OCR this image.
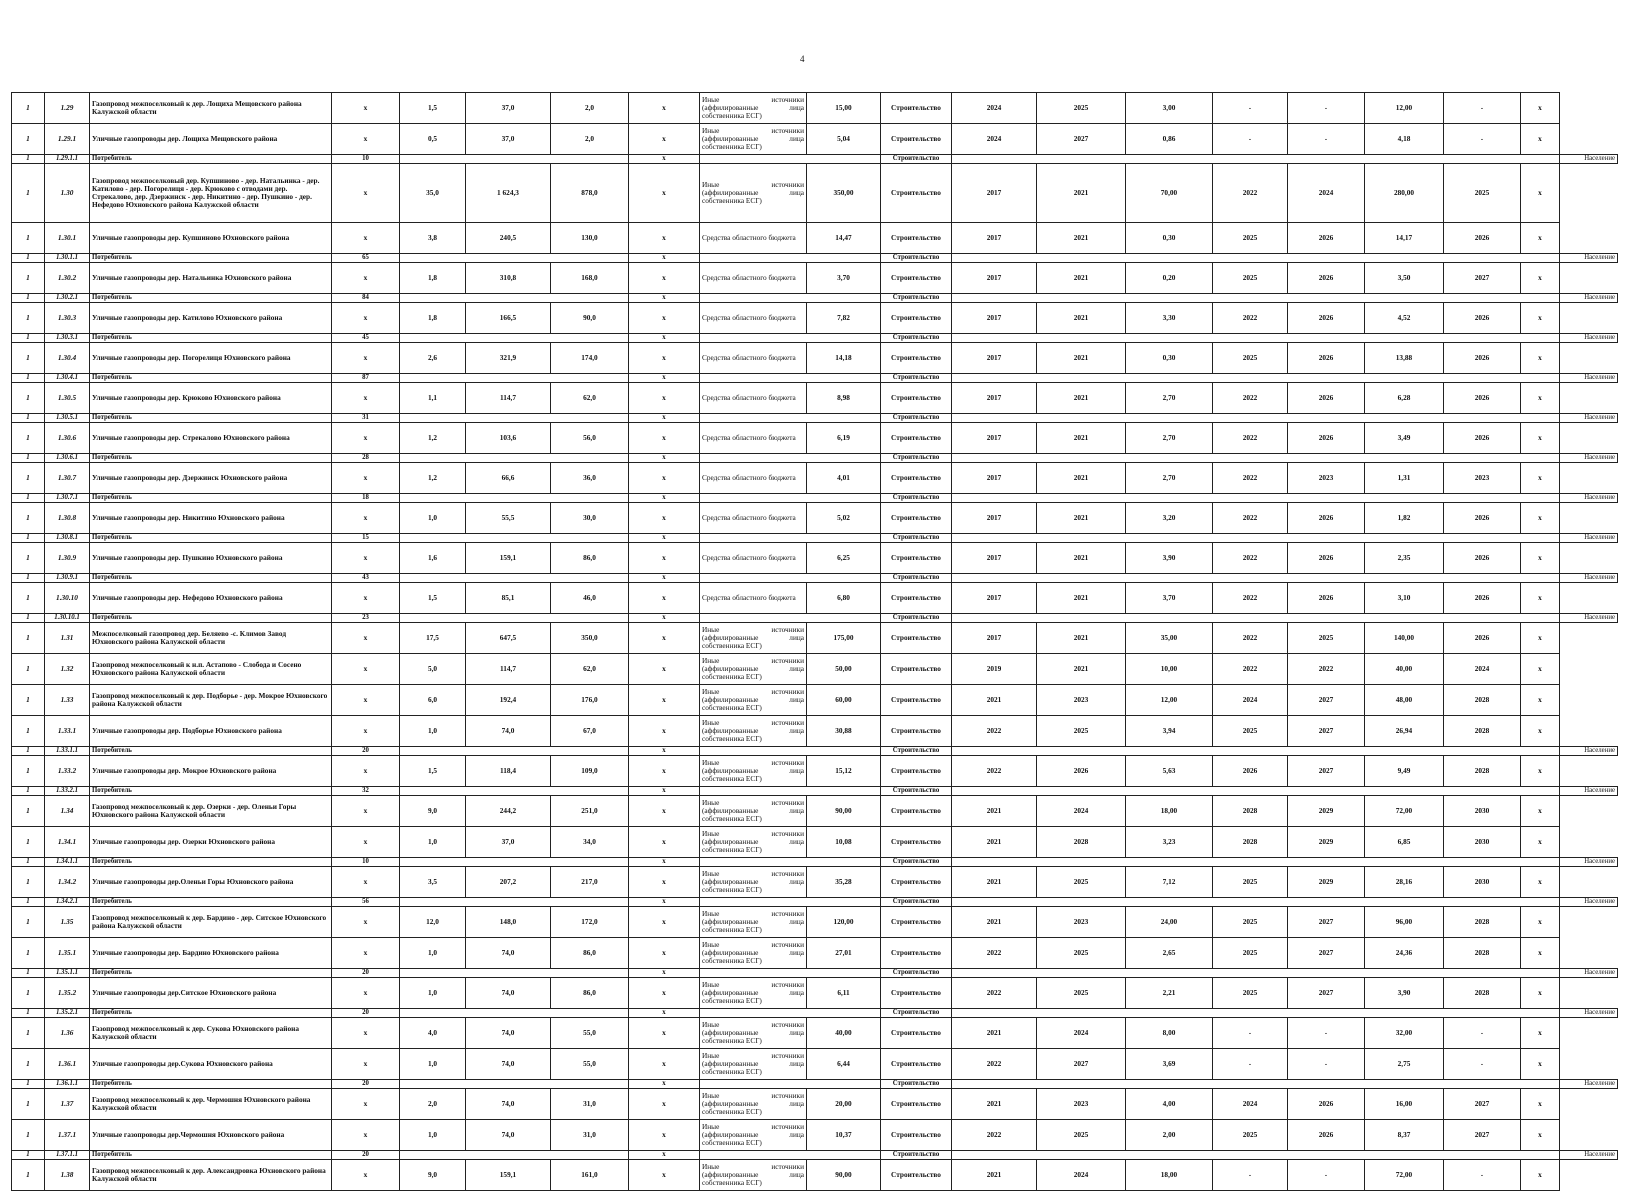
4
1	1.29	Газопровод межпоселковый к дер. Лощиха Мещовского района Калужской области	x	1,5	37,0	2,0	x	Иные источники (аффилированные лица собственника ЕСГ)	15,00	Строительство	2024	2025	3,00	-	-	12,00	-	x	
1	1.29.1	Уличные газопроводы дер. Лощиха Мещовского района	x	0,5	37,0	2,0	x	Иные источники (аффилированные лица собственника ЕСГ)	5,04	Строительство	2024	2027	0,86	-	-	4,18	-	x	
1	1.29.1.1	Потребитель	10				x			Строительство									Население
1	1.30	Газопровод межпоселковый дер. Купшиново - дер. Натальинка - дер. Катилово - дер. Погорелиця - дер. Крюково с отводами дер. Стрекалово, дер. Дзержинск - дер. Никитино - дер. Пушкино - дер. Нефедово Юхновского района Калужской области	x	35,0	1 624,3	878,0	x	Иные источники (аффилированные лица собственника ЕСГ)	350,00	Строительство	2017	2021	70,00	2022	2024	280,00	2025	x	
1	1.30.1	Уличные газопроводы дер. Купшиново Юхновского района	x	3,8	240,5	130,0	x	Средства областного бюджета	14,47	Строительство	2017	2021	0,30	2025	2026	14,17	2026	x	
1	1.30.1.1	Потребитель	65				x			Строительство									Население
1	1.30.2	Уличные газопроводы дер. Натальинка Юхновского района	x	1,8	310,8	168,0	x	Средства областного бюджета	3,70	Строительство	2017	2021	0,20	2025	2026	3,50	2027	x	
1	1.30.2.1	Потребитель	84				x			Строительство									Население
1	1.30.3	Уличные газопроводы дер. Катилово Юхновского района	x	1,8	166,5	90,0	x	Средства областного бюджета	7,82	Строительство	2017	2021	3,30	2022	2026	4,52	2026	x	
1	1.30.3.1	Потребитель	45				x			Строительство									Население
1	1.30.4	Уличные газопроводы дер. Погорелиця Юхновского района	x	2,6	321,9	174,0	x	Средства областного бюджета	14,18	Строительство	2017	2021	0,30	2025	2026	13,88	2026	x	
1	1.30.4.1	Потребитель	87				x			Строительство									Население
1	1.30.5	Уличные газопроводы дер. Крюково Юхновского района	x	1,1	114,7	62,0	x	Средства областного бюджета	8,98	Строительство	2017	2021	2,70	2022	2026	6,28	2026	x	
1	1.30.5.1	Потребитель	31				x			Строительство									Население
1	1.30.6	Уличные газопроводы дер. Стрекалово Юхновского района	x	1,2	103,6	56,0	x	Средства областного бюджета	6,19	Строительство	2017	2021	2,70	2022	2026	3,49	2026	x	
1	1.30.6.1	Потребитель	28				x			Строительство									Население
1	1.30.7	Уличные газопроводы дер. Дзержинск Юхновского района	x	1,2	66,6	36,0	x	Средства областного бюджета	4,01	Строительство	2017	2021	2,70	2022	2023	1,31	2023	x	
1	1.30.7.1	Потребитель	18				x			Строительство									Население
1	1.30.8	Уличные газопроводы дер. Никитино Юхновского района	x	1,0	55,5	30,0	x	Средства областного бюджета	5,02	Строительство	2017	2021	3,20	2022	2026	1,82	2026	x	
1	1.30.8.1	Потребитель	15				x			Строительство									Население
1	1.30.9	Уличные газопроводы дер. Пушкино Юхновского района	x	1,6	159,1	86,0	x	Средства областного бюджета	6,25	Строительство	2017	2021	3,90	2022	2026	2,35	2026	x	
1	1.30.9.1	Потребитель	43				x			Строительство									Население
1	1.30.10	Уличные газопроводы дер. Нефедово Юхновского района	x	1,5	85,1	46,0	x	Средства областного бюджета	6,80	Строительство	2017	2021	3,70	2022	2026	3,10	2026	x	
1	1.30.10.1	Потребитель	23				x			Строительство									Население
1	1.31	Межпоселковый газопровод дер. Беляево -с. Климов Завод Юхновского района Калужской области	x	17,5	647,5	350,0	x	Иные источники (аффилированные лица собственника ЕСГ)	175,00	Строительство	2017	2021	35,00	2022	2025	140,00	2026	x	
1	1.32	Газопровод межпоселковый к н.п. Астапово - Слобода и Сосено Юхновского района Калужской области	x	5,0	114,7	62,0	x	Иные источники (аффилированные лица собственника ЕСГ)	50,00	Строительство	2019	2021	10,00	2022	2022	40,00	2024	x	
1	1.33	Газопровод межпоселковый к дер. Подборье - дер. Мокрое Юхновского района Калужской области	x	6,0	192,4	176,0	x	Иные источники (аффилированные лица собственника ЕСГ)	60,00	Строительство	2021	2023	12,00	2024	2027	48,00	2028	x	
1	1.33.1	Уличные газопроводы дер. Подборье Юхновского района	x	1,0	74,0	67,0	x	Иные источники (аффилированные лица собственника ЕСГ)	30,88	Строительство	2022	2025	3,94	2025	2027	26,94	2028	x	
1	1.33.1.1	Потребитель	20				x			Строительство									Население
1	1.33.2	Уличные газопроводы дер. Мокрое Юхновского района	x	1,5	118,4	109,0	x	Иные источники (аффилированные лица собственника ЕСГ)	15,12	Строительство	2022	2026	5,63	2026	2027	9,49	2028	x	
1	1.33.2.1	Потребитель	32				x			Строительство									Население
1	1.34	Газопровод межпоселковый к дер. Озерки - дер. Оленьи Горы Юхновского района Калужской области	x	9,0	244,2	251,0	x	Иные источники (аффилированные лица собственника ЕСГ)	90,00	Строительство	2021	2024	18,00	2028	2029	72,00	2030	x	
1	1.34.1	Уличные газопроводы дер. Озерки Юхновского района	x	1,0	37,0	34,0	x	Иные источники (аффилированные лица собственника ЕСГ)	10,08	Строительство	2021	2028	3,23	2028	2029	6,85	2030	x	
1	1.34.1.1	Потребитель	10				x			Строительство									Население
1	1.34.2	Уличные газопроводы дер.Оленьи Горы Юхновского района	x	3,5	207,2	217,0	x	Иные источники (аффилированные лица собственника ЕСГ)	35,28	Строительство	2021	2025	7,12	2025	2029	28,16	2030	x	
1	1.34.2.1	Потребитель	56				x			Строительство									Население
1	1.35	Газопровод межпоселковый к дер. Бардино - дер. Ситское Юхновского района Калужской области	x	12,0	148,0	172,0	x	Иные источники (аффилированные лица собственника ЕСГ)	120,00	Строительство	2021	2023	24,00	2025	2027	96,00	2028	x	
1	1.35.1	Уличные газопроводы дер. Бардино Юхновского района	x	1,0	74,0	86,0	x	Иные источники (аффилированные лица собственника ЕСГ)	27,01	Строительство	2022	2025	2,65	2025	2027	24,36	2028	x	
1	1.35.1.1	Потребитель	20				x			Строительство									Население
1	1.35.2	Уличные газопроводы дер.Ситское Юхновского района	x	1,0	74,0	86,0	x	Иные источники (аффилированные лица собственника ЕСГ)	6,11	Строительство	2022	2025	2,21	2025	2027	3,90	2028	x	
1	1.35.2.1	Потребитель	20				x			Строительство									Население
1	1.36	Газопровод межпоселковый к дер. Сукова Юхновского района Калужской области	x	4,0	74,0	55,0	x	Иные источники (аффилированные лица собственника ЕСГ)	40,00	Строительство	2021	2024	8,00	-	-	32,00	-	x	
1	1.36.1	Уличные газопроводы дер.Сукова Юхновского района	x	1,0	74,0	55,0	x	Иные источники (аффилированные лица собственника ЕСГ)	6,44	Строительство	2022	2027	3,69	-	-	2,75	-	x	
1	1.36.1.1	Потребитель	20				x			Строительство									Население
1	1.37	Газопровод межпоселковый к дер. Чермошня Юхновского района Калужской области	x	2,0	74,0	31,0	x	Иные источники (аффилированные лица собственника ЕСГ)	20,00	Строительство	2021	2023	4,00	2024	2026	16,00	2027	x	
1	1.37.1	Уличные газопроводы дер.Чермошня Юхновского района	x	1,0	74,0	31,0	x	Иные источники (аффилированные лица собственника ЕСГ)	10,37	Строительство	2022	2025	2,00	2025	2026	8,37	2027	x	
1	1.37.1.1	Потребитель	20				x			Строительство									Население
1	1.38	Газопровод межпоселковый к дер. Александровка Юхновского района Калужской области	x	9,0	159,1	161,0	x	Иные источники (аффилированные лица собственника ЕСГ)	90,00	Строительство	2021	2024	18,00	-	-	72,00	-	x	
